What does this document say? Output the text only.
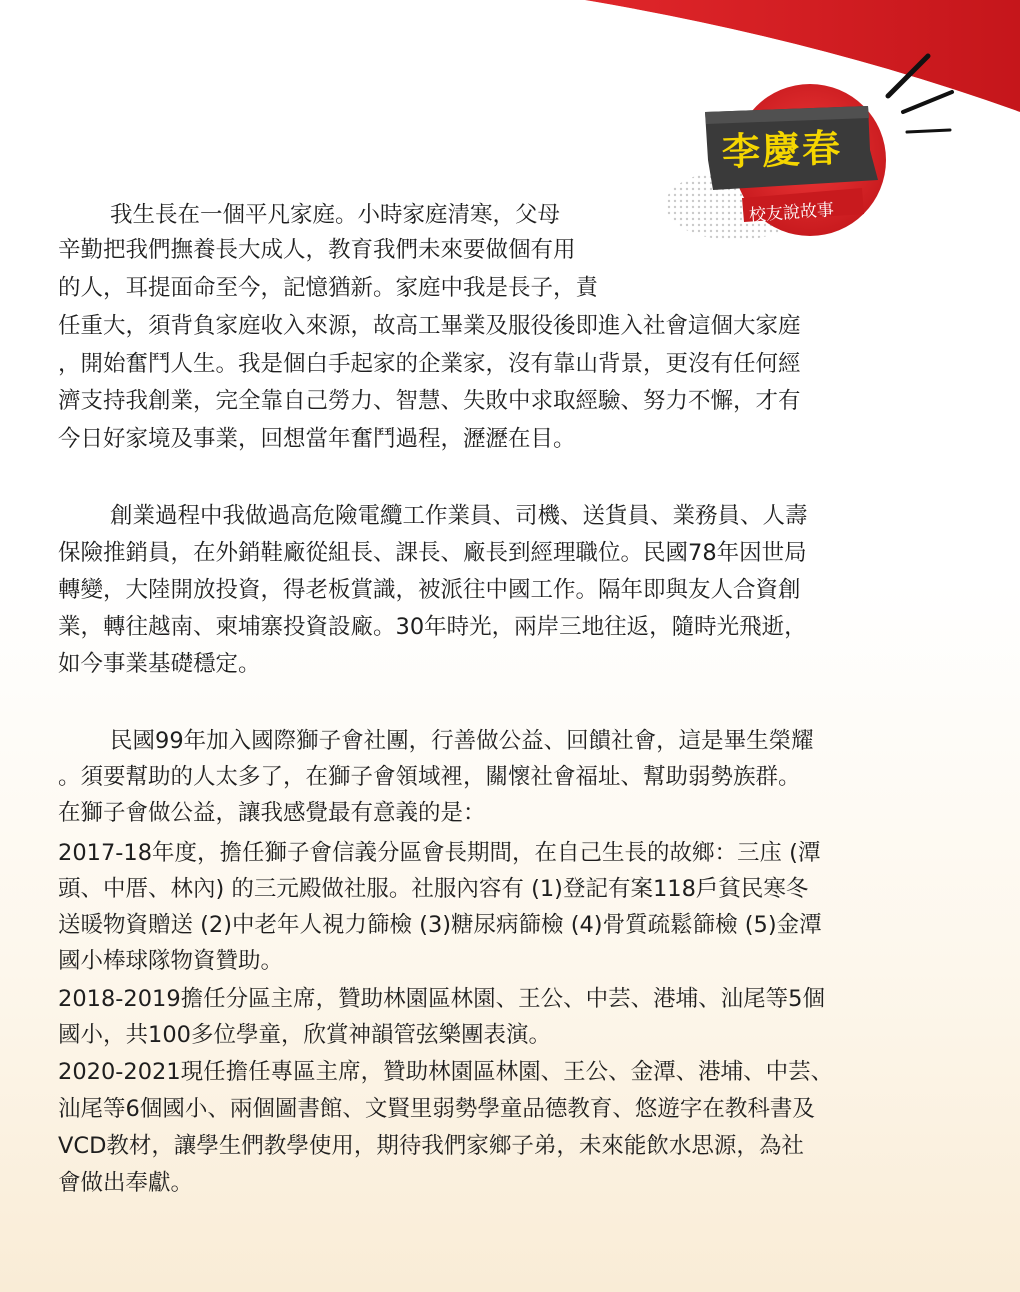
李慶春
校友說故事
我生長在一個平凡家庭。小時家庭清寒，父母
辛勤把我們撫養長大成人，教育我們未來要做個有用
的人，耳提面命至今，記憶猶新。家庭中我是長子，責
任重大，須背負家庭收入來源，故高工畢業及服役後即進入社會這個大家庭
，開始奮鬥人生。我是個白手起家的企業家，沒有靠山背景，更沒有任何經
濟支持我創業，完全靠自己勞力、智慧、失敗中求取經驗、努力不懈，才有
今日好家境及事業，回想當年奮鬥過程，瀝瀝在目。
創業過程中我做過高危險電纜工作業員、司機、送貨員、業務員、人壽
保險推銷員，在外銷鞋廠從組長、課長、廠長到經理職位。民國78年因世局
轉變，大陸開放投資，得老板賞識，被派往中國工作。隔年即與友人合資創
業，轉往越南、柬埔寨投資設廠。30年時光，兩岸三地往返，隨時光飛逝，
如今事業基礎穩定。
民國99年加入國際獅子會社團，行善做公益、回饋社會，這是畢生榮耀
。須要幫助的人太多了，在獅子會領域裡，關懷社會福址、幫助弱勢族群。
在獅子會做公益，讓我感覺最有意義的是：
2017-18年度，擔任獅子會信義分區會長期間，在自己生長的故鄉：三庒 (潭
頭、中厝、林內) 的三元殿做社服。社服內容有 (1)登記有案118戶貧民寒冬
送暖物資贈送 (2)中老年人視力篩檢 (3)糖尿病篩檢 (4)骨質疏鬆篩檢 (5)金潭
國小棒球隊物資贊助。
2018-2019擔任分區主席，贊助林園區林園、王公、中芸、港埔、汕尾等5個
國小，共100多位學童，欣賞神韻管弦樂團表演。
2020-2021現任擔任專區主席，贊助林園區林園、王公、金潭、港埔、中芸、
汕尾等6個國小、兩個圖書館、文賢里弱勢學童品德教育、悠遊字在教科書及
VCD教材，讓學生們教學使用，期待我們家鄉子弟，未來能飲水思源，為社
會做出奉獻。
